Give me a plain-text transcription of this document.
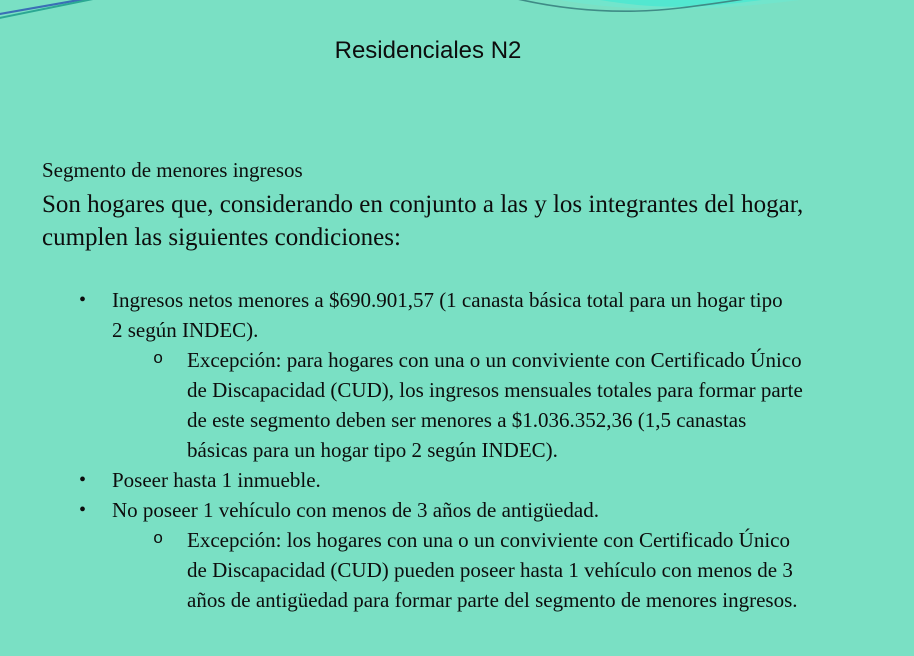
Residenciales N2
Segmento de menores ingresos
Son hogares que, considerando en conjunto a las y los integrantes del hogar,
cumplen las siguientes condiciones:
•	Ingresos netos menores a $690.901,57 (1 canasta básica total para un hogar tipo
2 según INDEC).
o	Excepción: para hogares con una o un conviviente con Certificado Único
de Discapacidad (CUD), los ingresos mensuales totales para formar parte
de este segmento deben ser menores a $1.036.352,36 (1,5 canastas
básicas para un hogar tipo 2 según INDEC).
•	Poseer hasta 1 inmueble.
•	No poseer 1 vehículo con menos de 3 años de antigüedad.
o	Excepción: los hogares con una o un conviviente con Certificado Único
de Discapacidad (CUD) pueden poseer hasta 1 vehículo con menos de 3
años de antigüedad para formar parte del segmento de menores ingresos.
